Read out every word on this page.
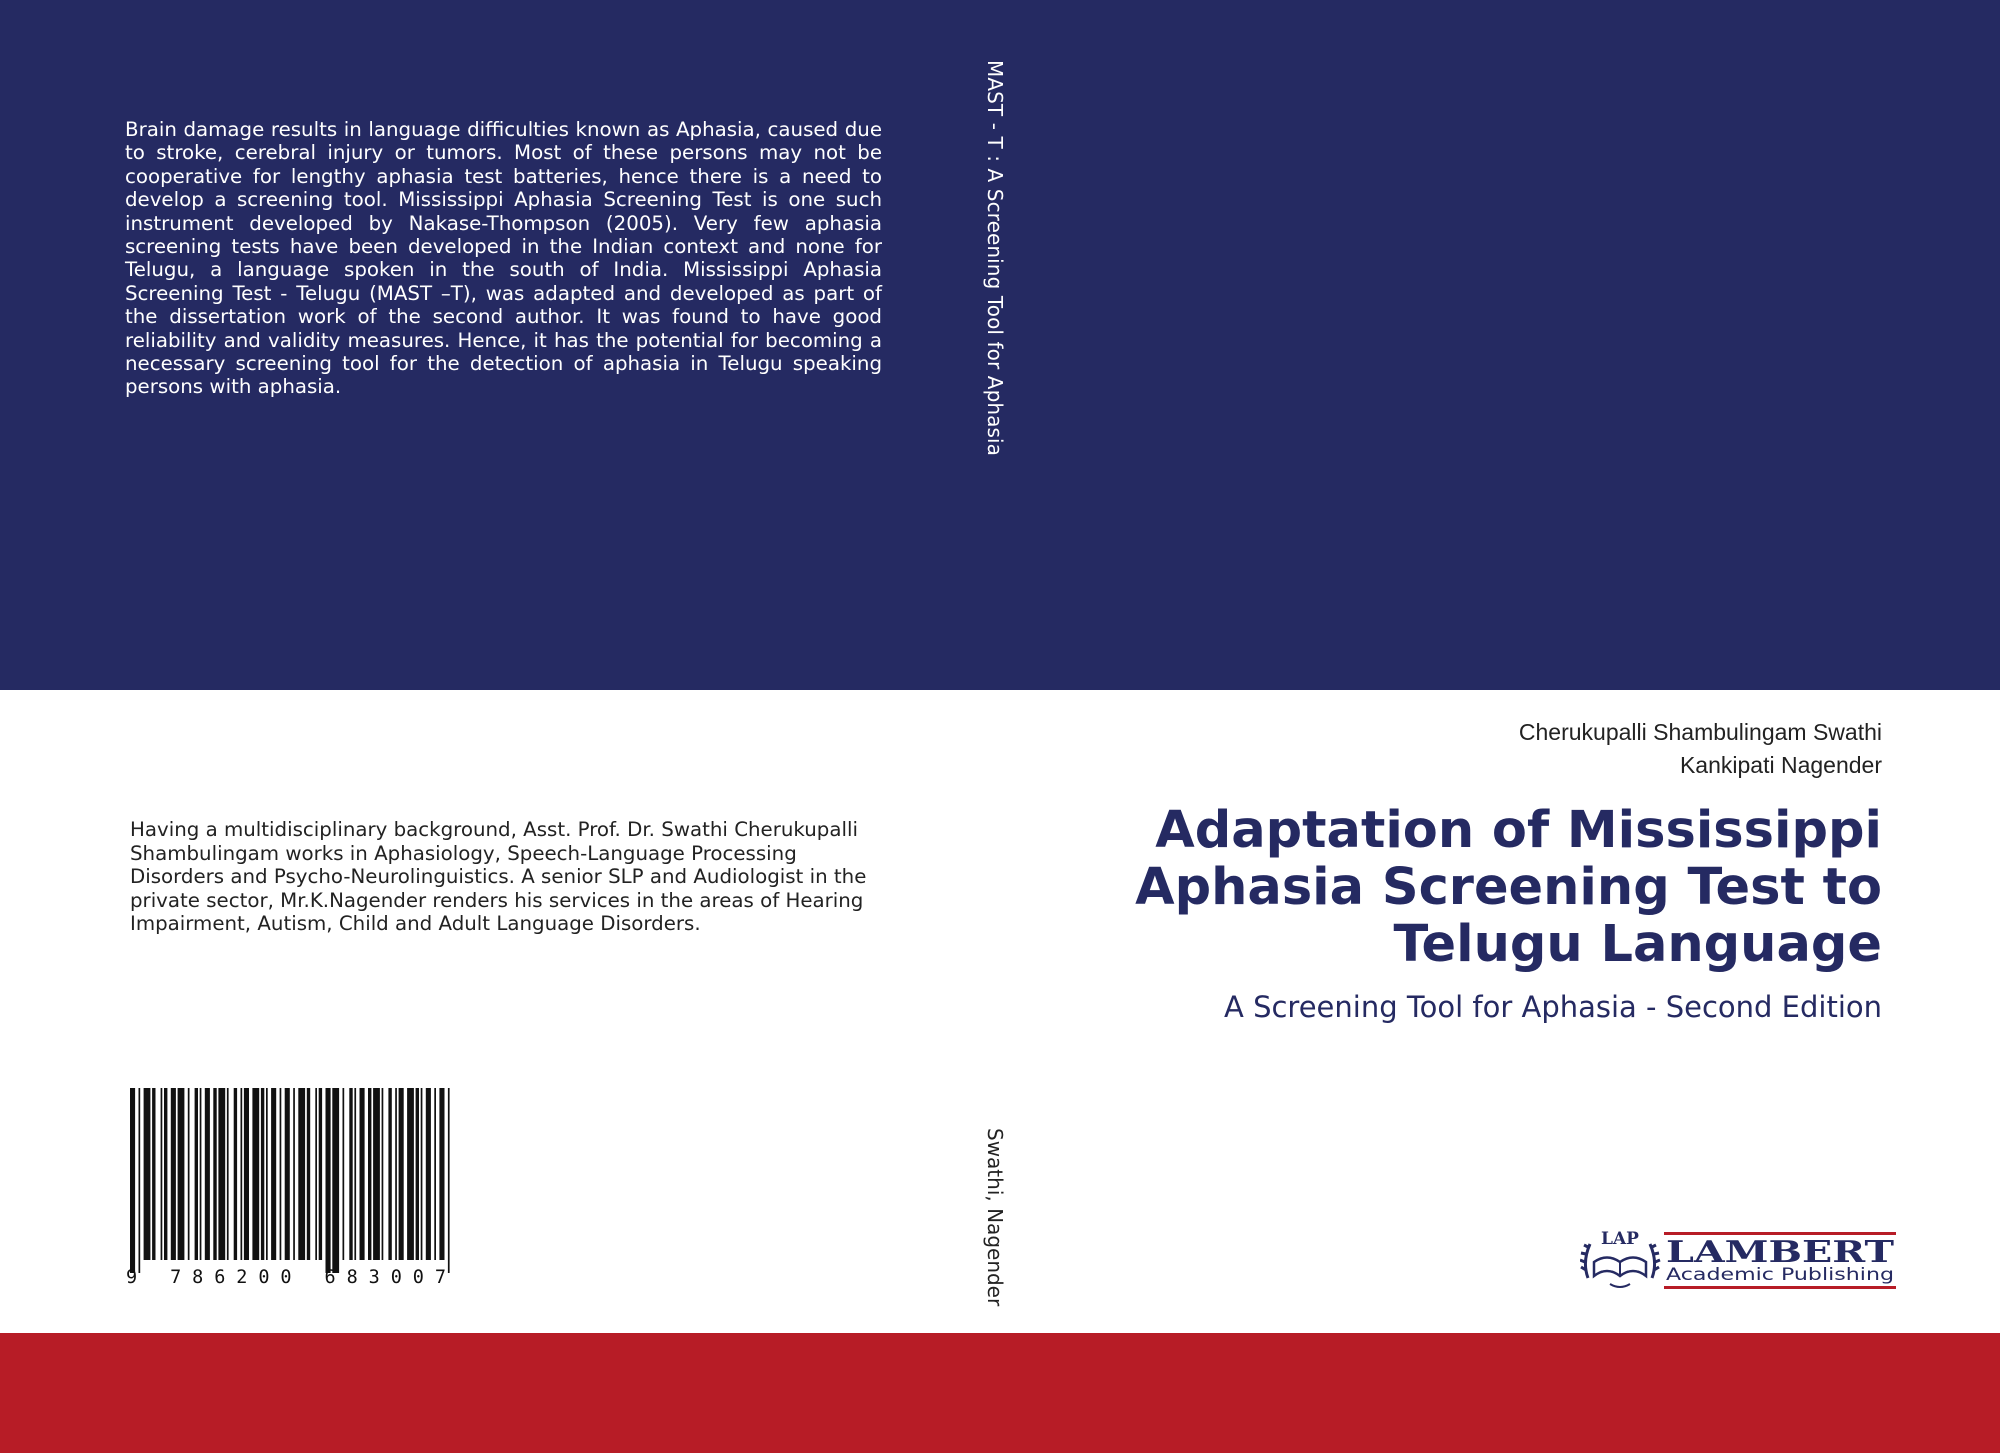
Brain damage results in language difficulties known as Aphasia, caused due to stroke, cerebral injury or tumors. Most of these persons may not be cooperative for lengthy aphasia test batteries, hence there is a need to develop a screening tool. Mississippi Aphasia Screening Test is one such instrument developed by Nakase-Thompson (2005). Very few aphasia screening tests have been developed in the Indian context and none for Telugu, a language spoken in the south of India. Mississippi Aphasia Screening Test - Telugu (MAST –T), was adapted and developed as part of the dissertation work of the second author. It was found to have good reliability and validity measures. Hence, it has the potential for becoming a necessary screening tool for the detection of aphasia in Telugu speaking persons with aphasia.	MAST - T : A Screening Tool for Aphasia
Swathi, Nagender

Having a multidisciplinary background, Asst. Prof. Dr. Swathi Cherukupalli Shambulingam works in Aphasiology, Speech-Language Processing Disorders and Psycho-Neurolinguistics. A senior SLP and Audiologist in the private sector, Mr.K.Nagender renders his services in the areas of Hearing Impairment, Autism, Child and Adult Language Disorders.

Cherukupalli Shambulingam Swathi
Kankipati Nagender
Adaptation of Mississippi Aphasia Screening Test to Telugu Language

A Screening Tool for Aphasia - Second Edition

9 786200 683007
LAP LAMBERT
Academic Publishing
